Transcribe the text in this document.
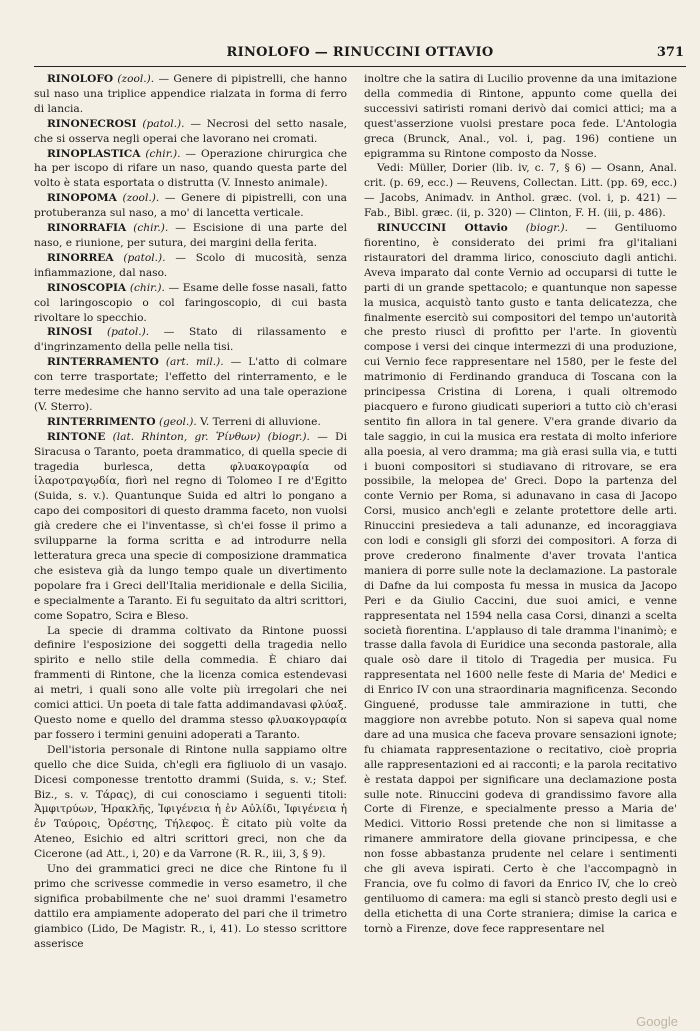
RINOLOFO — RINUCCINI OTTAVIO	371

RINOLOFO (zool.). — Genere di pipistrelli, che hanno sul naso una triplice appendice rialzata in forma di ferro di lancia.

RINONECROSI (patol.). — Necrosi del setto nasale, che si osserva negli operai che lavorano nei cromati.

RINOPLASTICA (chir.). — Operazione chirurgica che ha per iscopo di rifare un naso, quando questa parte del volto è stata esportata o distrutta (V. Innesto animale).

RINOPOMA (zool.). — Genere di pipistrelli, con una protuberanza sul naso, a mo' di lancetta verticale.

RINORRAFIA (chir.). — Escisione di una parte del naso, e riunione, per sutura, dei margini della ferita.

RINORREA (patol.). — Scolo di mucosità, senza infiammazione, dal naso.

RINOSCOPIA (chir.). — Esame delle fosse nasali, fatto col laringoscopio o col faringoscopio, di cui basta rivoltare lo specchio.

RINOSI (patol.). — Stato di rilassamento e d'ingrinzamento della pelle nella tisi.

RINTERRAMENTO (art. mil.). — L'atto di colmare con terre trasportate; l'effetto del rinterramento, e le terre medesime che hanno servito ad una tale operazione (V. Sterro).

RINTERRIMENTO (geol.). V. Terreni di alluvione.

RINTONE (lat. Rhinton, gr. Ῥίνθων) (biogr.). — Di Siracusa o Taranto, poeta drammatico, di quella specie di tragedia burlesca, detta φλυακογραφία od ἱλαροτραγῳδία, fiorì nel regno di Tolomeo I re d'Egitto (Suida, s. v.). Quantunque Suida ed altri lo pongano a capo dei compositori di questo dramma faceto, non vuolsi già credere che ei l'inventasse, sì ch'ei fosse il primo a svilupparne la forma scritta e ad introdurre nella letteratura greca una specie di composizione drammatica che esisteva già da lungo tempo quale un divertimento popolare fra i Greci dell'Italia meridionale e della Sicilia, e specialmente a Taranto. Ei fu seguitato da altri scrittori, come Sopatro, Scira e Bleso.

La specie di dramma coltivato da Rintone puossi definire l'esposizione dei soggetti della tragedia nello spirito e nello stile della commedia. È chiaro dai frammenti di Rintone, che la licenza comica estendevasi ai metri, i quali sono alle volte più irregolari che nei comici attici. Un poeta di tale fatta addimandavasi φλύαξ. Questo nome e quello del dramma stesso φλυακογραφία par fossero i termini genuini adoperati a Taranto.

Dell'istoria personale di Rintone nulla sappiamo oltre quello che dice Suida, ch'egli era figliuolo di un vasajo. Dicesi componesse trentotto drammi (Suida, s. v.; Stef. Biz., s. v. Τάρας), di cui conosciamo i seguenti titoli: Ἀμφιτρύων, Ἡρακλῆς, Ἰφιγένεια ἡ ἐν Αὐλίδι, Ἰφιγένεια ἡ ἐν Ταύροις, Ὀρέστης, Τήλεφος. È citato più volte da Ateneo, Esichio ed altri scrittori greci, non che da Cicerone (ad Att., i, 20) e da Varrone (R. R., iii, 3, § 9).

Uno dei grammatici greci ne dice che Rintone fu il primo che scrivesse commedie in verso esametro, il che significa probabilmente che ne' suoi drammi l'esametro dattilo era ampiamente adoperato del pari che il trimetro giambico (Lido, De Magistr. R., i, 41). Lo stesso scrittore asserisce

inoltre che la satira di Lucilio provenne da una imitazione della commedia di Rintone, appunto come quella dei successivi satiristi romani derivò dai comici attici; ma a quest'asserzione vuolsi prestare poca fede. L'Antologia greca (Brunck, Anal., vol. i, pag. 196) contiene un epigramma su Rintone composto da Nosse.

Vedi: Müller, Dorier (lib. iv, c. 7, § 6) — Osann, Anal. crit. (p. 69, ecc.) — Reuvens, Collectan. Litt. (pp. 69, ecc.) — Jacobs, Animadv. in Anthol. græc. (vol. i, p. 421) — Fab., Bibl. græc. (ii, p. 320) — Clinton, F. H. (iii, p. 486).

RINUCCINI Ottavio (biogr.). — Gentiluomo fiorentino, è considerato dei primi fra gl'italiani ristauratori del dramma lirico, conosciuto dagli antichi. Aveva imparato dal conte Vernio ad occuparsi di tutte le parti di un grande spettacolo; e quantunque non sapesse la musica, acquistò tanto gusto e tanta delicatezza, che finalmente esercitò sui compositori del tempo un'autorità che presto riuscì di profitto per l'arte. In gioventù compose i versi dei cinque intermezzi di una produzione, cui Vernio fece rappresentare nel 1580, per le feste del matrimonio di Ferdinando granduca di Toscana con la principessa Cristina di Lorena, i quali oltremodo piacquero e furono giudicati superiori a tutto ciò ch'erasi sentito fin allora in tal genere. V'era grande divario da tale saggio, in cui la musica era restata di molto inferiore alla poesia, al vero dramma; ma già erasi sulla via, e tutti i buoni compositori si studiavano di ritrovare, se era possibile, la melopea de' Greci. Dopo la partenza del conte Vernio per Roma, si adunavano in casa di Jacopo Corsi, musico anch'egli e zelante protettore delle arti. Rinuccini presiedeva a tali adunanze, ed incoraggiava con lodi e consigli gli sforzi dei compositori. A forza di prove crederono finalmente d'aver trovata l'antica maniera di porre sulle note la declamazione. La pastorale di Dafne da lui composta fu messa in musica da Jacopo Peri e da Giulio Caccini, due suoi amici, e venne rappresentata nel 1594 nella casa Corsi, dinanzi a scelta società fiorentina. L'applauso di tale dramma l'inanimò; e trasse dalla favola di Euridice una seconda pastorale, alla quale osò dare il titolo di Tragedia per musica. Fu rappresentata nel 1600 nelle feste di Maria de' Medici e di Enrico IV con una straordinaria magnificenza. Secondo Ginguené, produsse tale ammirazione in tutti, che maggiore non avrebbe potuto. Non si sapeva qual nome dare ad una musica che faceva provare sensazioni ignote; fu chiamata rappresentazione o recitativo, cioè propria alle rappresentazioni ed ai racconti; e la parola recitativo è restata dappoi per significare una declamazione posta sulle note. Rinuccini godeva di grandissimo favore alla Corte di Firenze, e specialmente presso a Maria de' Medici. Vittorio Rossi pretende che non si limitasse a rimanere ammiratore della giovane principessa, e che non fosse abbastanza prudente nel celare i sentimenti che gli aveva ispirati. Certo è che l'accompagnò in Francia, ove fu colmo di favori da Enrico IV, che lo creò gentiluomo di camera: ma egli si stancò presto degli usi e della etichetta di una Corte straniera; dimise la carica e tornò a Firenze, dove fece rappresentare nel

Google
